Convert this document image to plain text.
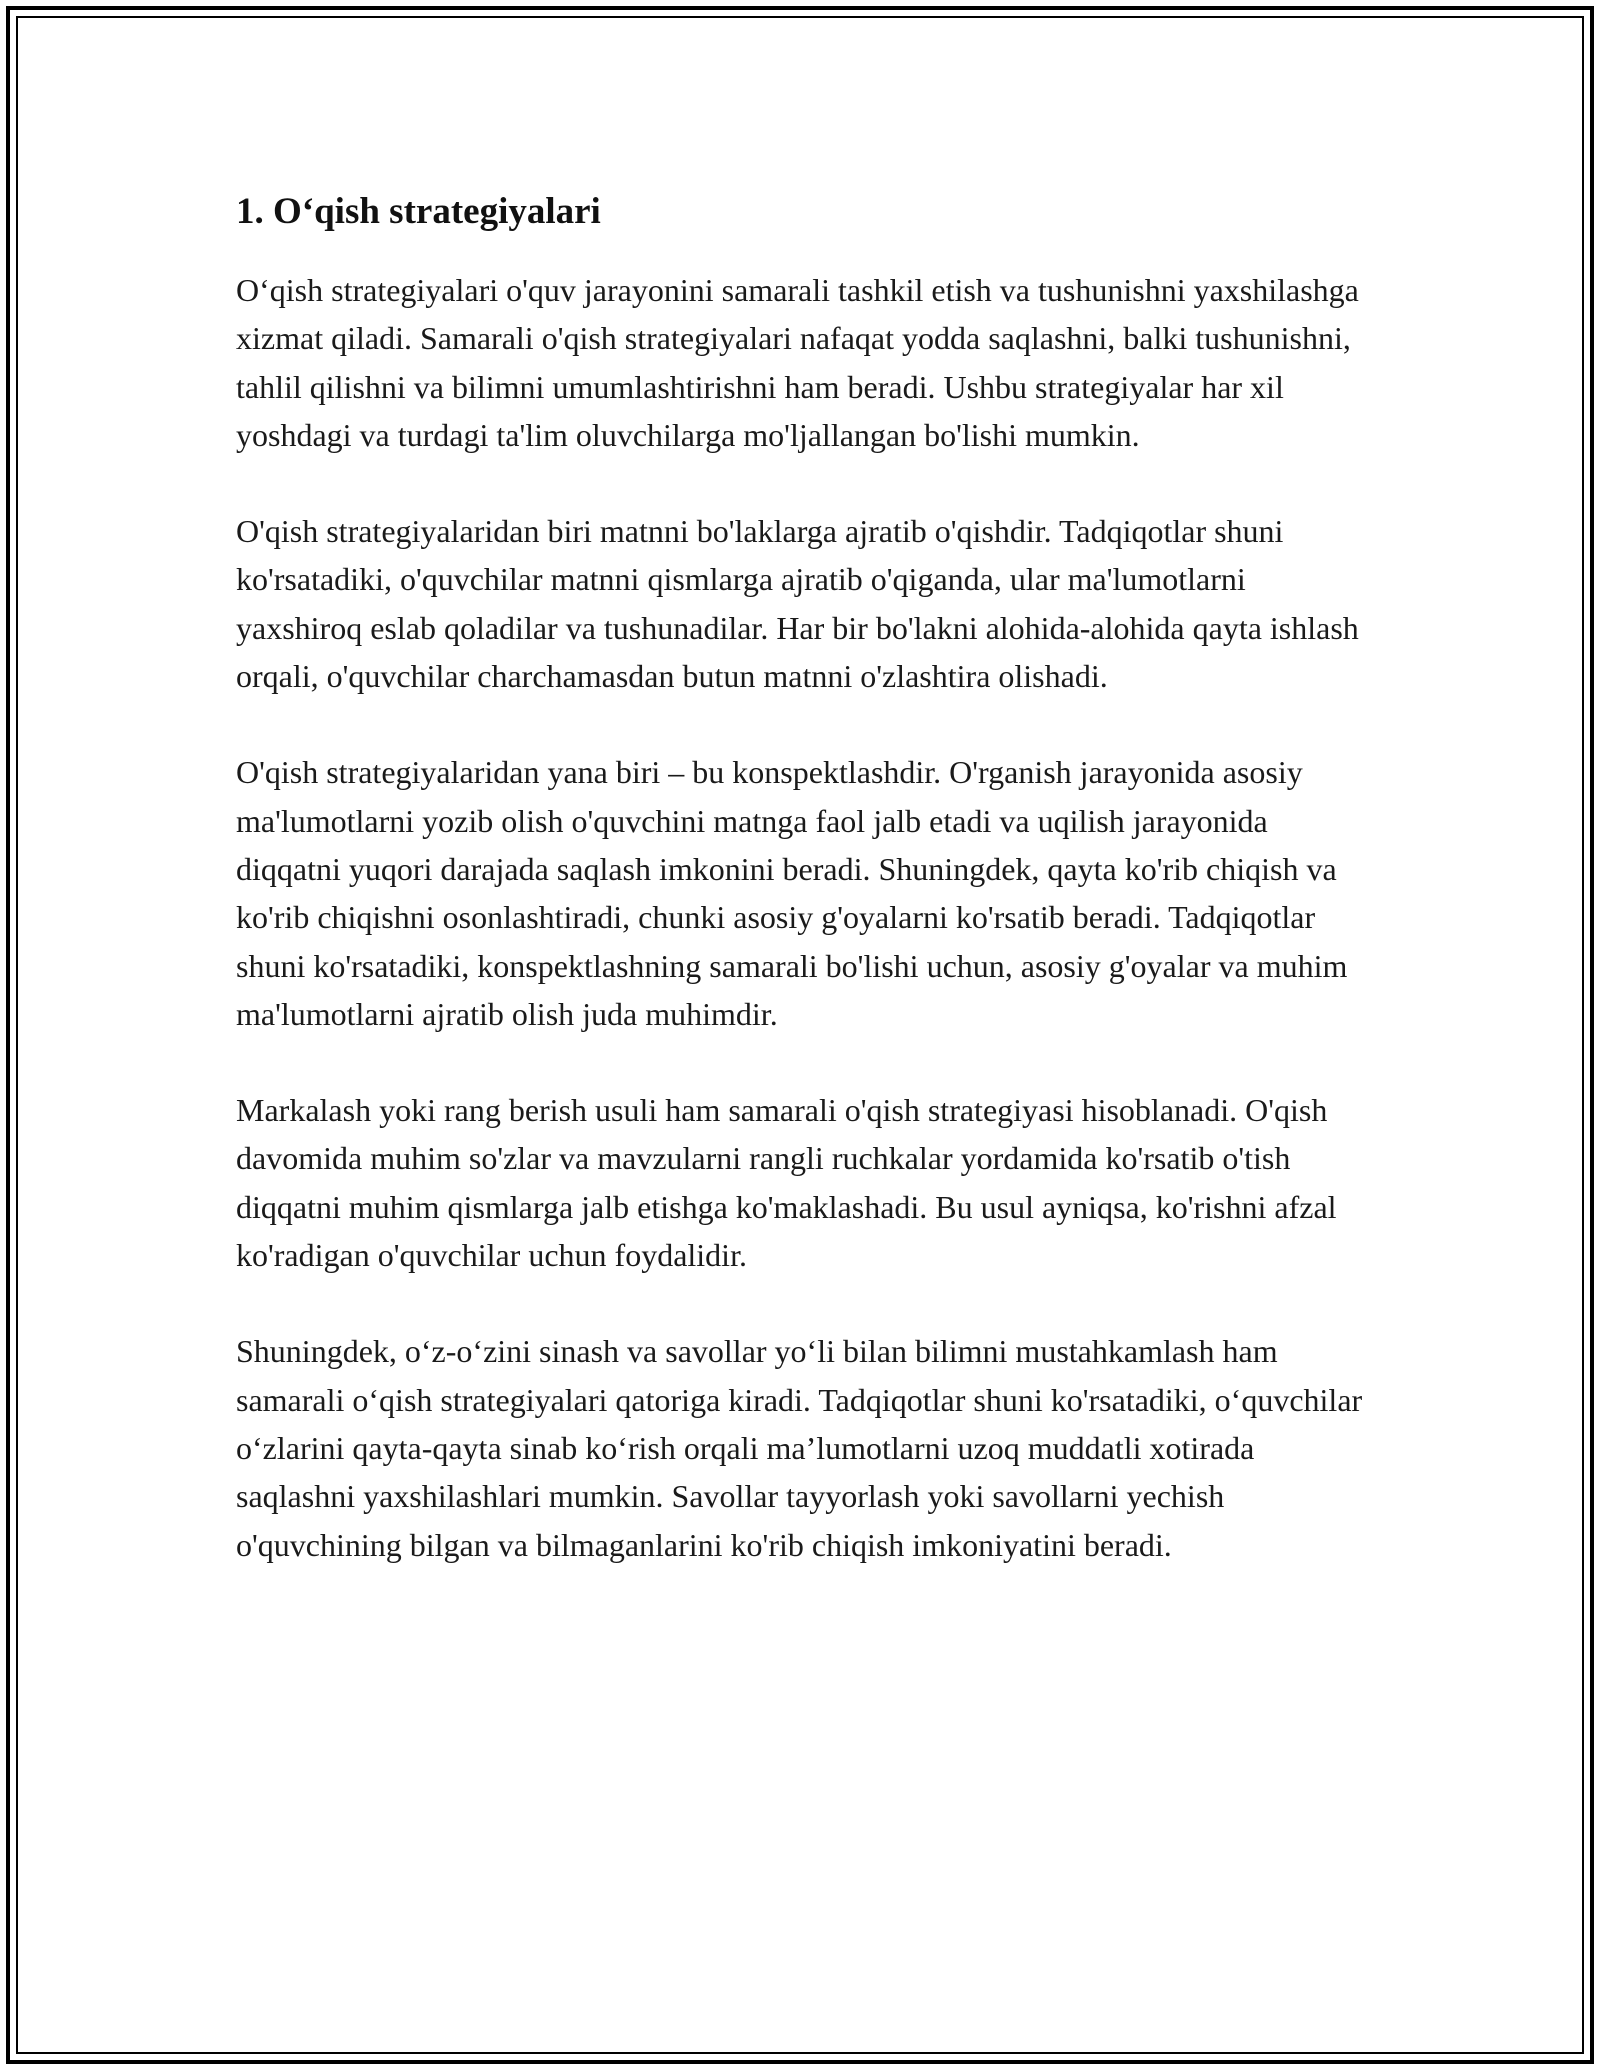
1. O‘qish strategiyalari

O‘qish strategiyalari o'quv jarayonini samarali tashkil etish va tushunishni yaxshilashga xizmat qiladi. Samarali o'qish strategiyalari nafaqat yodda saqlashni, balki tushunishni, tahlil qilishni va bilimni umumlashtirishni ham beradi. Ushbu strategiyalar har xil yoshdagi va turdagi ta'lim oluvchilarga mo'ljallangan bo'lishi mumkin.

O'qish strategiyalaridan biri matnni bo'laklarga ajratib o'qishdir. Tadqiqotlar shuni ko'rsatadiki, o'quvchilar matnni qismlarga ajratib o'qiganda, ular ma'lumotlarni yaxshiroq eslab qoladilar va tushunadilar. Har bir bo'lakni alohida-alohida qayta ishlash orqali, o'quvchilar charchamasdan butun matnni o'zlashtira olishadi.

O'qish strategiyalaridan yana biri – bu konspektlashdir. O'rganish jarayonida asosiy ma'lumotlarni yozib olish o'quvchini matnga faol jalb etadi va uqilish jarayonida diqqatni yuqori darajada saqlash imkonini beradi. Shuningdek, qayta ko'rib chiqish va ko'rib chiqishni osonlashtiradi, chunki asosiy g'oyalarni ko'rsatib beradi. Tadqiqotlar shuni ko'rsatadiki, konspektlashning samarali bo'lishi uchun, asosiy g'oyalar va muhim ma'lumotlarni ajratib olish juda muhimdir.

Markalash yoki rang berish usuli ham samarali o'qish strategiyasi hisoblanadi. O'qish davomida muhim so'zlar va mavzularni rangli ruchkalar yordamida ko'rsatib o'tish diqqatni muhim qismlarga jalb etishga ko'maklashadi. Bu usul ayniqsa, ko'rishni afzal ko'radigan o'quvchilar uchun foydalidir.

Shuningdek, o‘z-o‘zini sinash va savollar yo‘li bilan bilimni mustahkamlash ham samarali o‘qish strategiyalari qatoriga kiradi. Tadqiqotlar shuni ko'rsatadiki, o‘quvchilar o‘zlarini qayta-qayta sinab ko‘rish orqali ma’lumotlarni uzoq muddatli xotirada saqlashni yaxshilashlari mumkin. Savollar tayyorlash yoki savollarni yechish o'quvchining bilgan va bilmaganlarini ko'rib chiqish imkoniyatini beradi.
